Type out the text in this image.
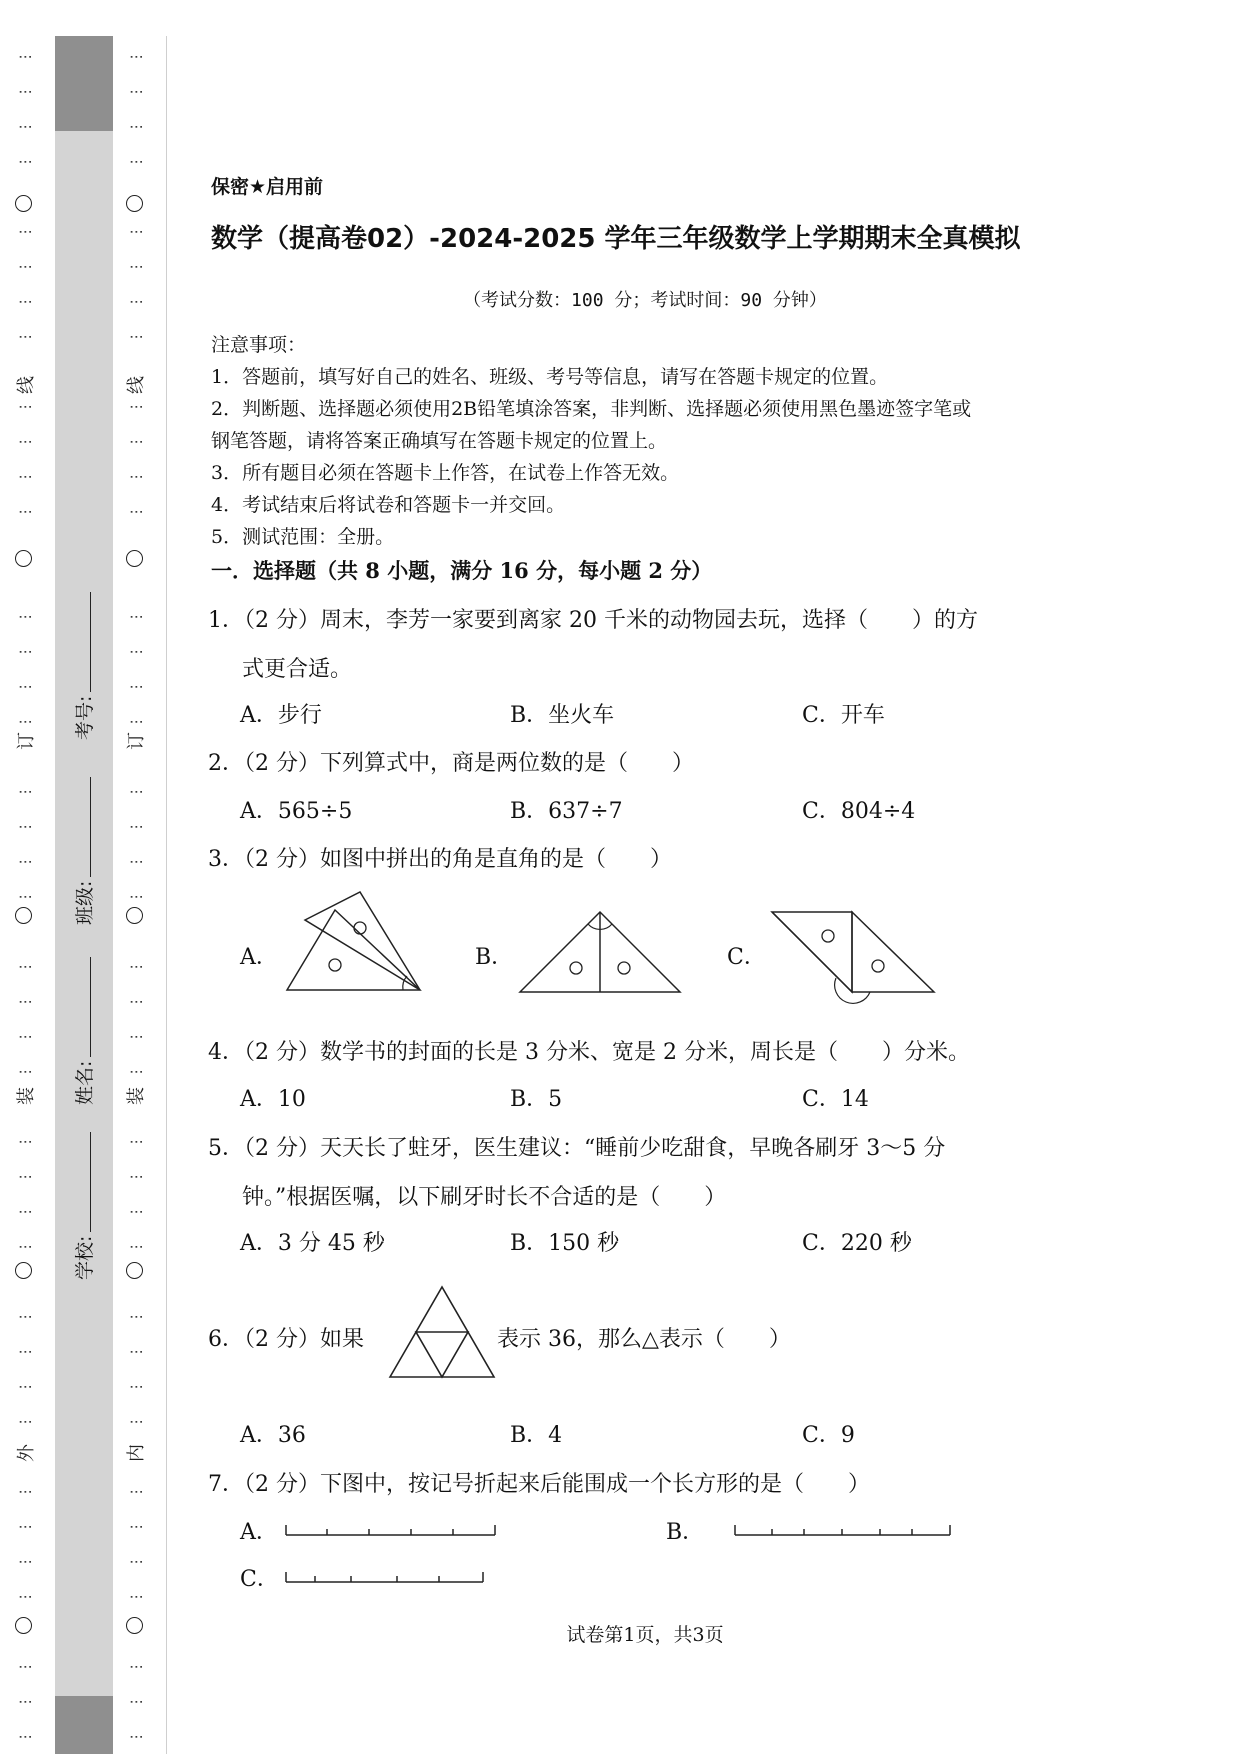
⋮
⋮
⋮
⋮
⋮
⋮
⋮
⋮
⋮
⋮
⋮
⋮
⋮
⋮
⋮
⋮
⋮
⋮
⋮
⋮
⋮
⋮
⋮
⋮
⋮
⋮
⋮
⋮
⋮
⋮
⋮
⋮
⋮
⋮
⋮
⋮
⋮
⋮
⋮
⋮
⋮
⋮
⋮
⋮
⋮
⋮
⋮
⋮
⋮
⋮
⋮
⋮
⋮
⋮
⋮
⋮
⋮
⋮
⋮
⋮
⋮
⋮
⋮
⋮
⋮
⋮
⋮
⋮
⋮
⋮
⋮
⋮
⋮
⋮
⋮
⋮
⋮
⋮
线
订
装
外
线
订
装
内
学校:
姓名:
班级:
考号:
保密★启用前
数学（提高卷02）-2024-2025 学年三年级数学上学期期末全真模拟
（考试分数：100 分；考试时间：90 分钟）
注意事项：
1．答题前，填写好自己的姓名、班级、考号等信息，请写在答题卡规定的位置。
2．判断题、选择题必须使用2B铅笔填涂答案，非判断、选择题必须使用黑色墨迹签字笔或
钢笔答题，请将答案正确填写在答题卡规定的位置上。
3．所有题目必须在答题卡上作答，在试卷上作答无效。
4．考试结束后将试卷和答题卡一并交回。
5．测试范围：全册。
一．选择题（共 8 小题，满分 16 分，每小题 2 分）
1．（2 分）周末，李芳一家要到离家 20 千米的动物园去玩，选择（　　）的方
式更合适。
A．步行	B．坐火车	C．开车
2．（2 分）下列算式中，商是两位数的是（　　）
A．565÷5	B．637÷7	C．804÷4
3．（2 分）如图中拼出的角是直角的是（　　）
A．	B．	C．
4．（2 分）数学书的封面的长是 3 分米、宽是 2 分米，周长是（　　）分米。
A．10	B．5	C．14
5．（2 分）天天长了蛀牙，医生建议：“睡前少吃甜食，早晚各刷牙 3～5 分
钟。”根据医嘱，以下刷牙时长不合适的是（　　）
A．3 分 45 秒	B．150 秒	C．220 秒
6．（2 分）如果	表示 36，那么△表示（　　）
A．36	B．4	C．9
7．（2 分）下图中，按记号折起来后能围成一个长方形的是（　　）
A．	B．
C．
试卷第1页，共3页
